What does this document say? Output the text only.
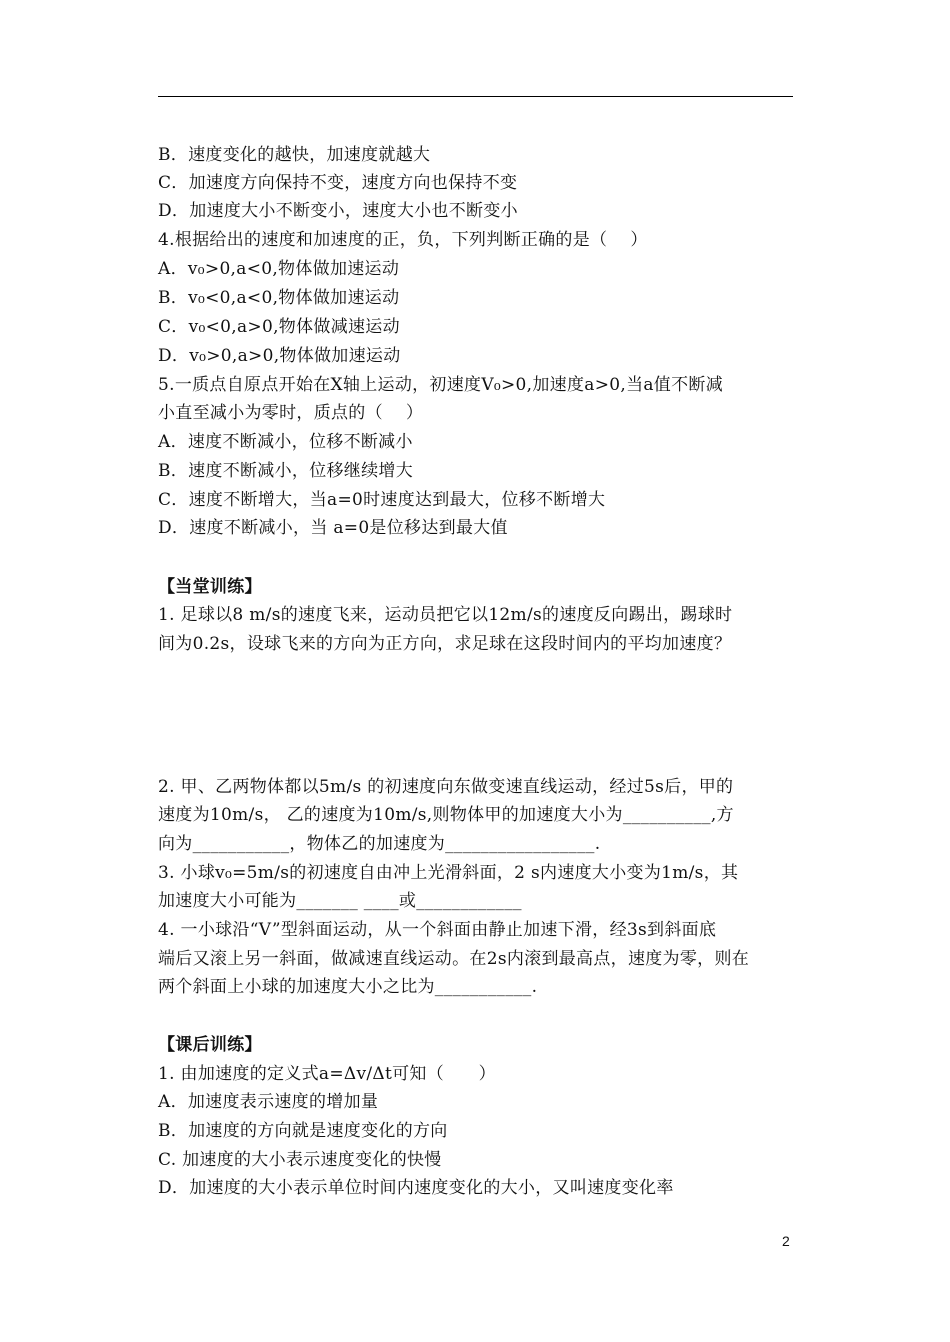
B．速度变化的越快，加速度就越大
C．加速度方向保持不变，速度方向也保持不变
D．加速度大小不断变小，速度大小也不断变小
4.根据给出的速度和加速度的正，负，下列判断正确的是（　 ）
A．v₀>0,a<0,物体做加速运动
B．v₀<0,a<0,物体做加速运动
C．v₀<0,a>0,物体做减速运动
D．v₀>0,a>0,物体做加速运动
5.一质点自原点开始在X轴上运动，初速度V₀>0,加速度a>0,当a值不断减
小直至减小为零时，质点的（　 ）
A．速度不断减小，位移不断减小
B．速度不断减小，位移继续增大
C．速度不断增大，当a=0时速度达到最大，位移不断增大
D．速度不断减小，当 a=0是位移达到最大值
【当堂训练】
1. 足球以8 m/s的速度飞来，运动员把它以12m/s的速度反向踢出，踢球时
间为0.2s，设球飞来的方向为正方向，求足球在这段时间内的平均加速度？
2. 甲、乙两物体都以5m/s 的初速度向东做变速直线运动，经过5s后，甲的
速度为10m/s， 乙的速度为10m/s,则物体甲的加速度大小为__________,方
向为___________，物体乙的加速度为_________________.
3. 小球v₀=5m/s的初速度自由冲上光滑斜面，2 s内速度大小变为1m/s，其
加速度大小可能为_______ ____或____________
4. 一小球沿“V”型斜面运动，从一个斜面由静止加速下滑，经3s到斜面底
端后又滚上另一斜面，做减速直线运动。在2s内滚到最高点，速度为零，则在
两个斜面上小球的加速度大小之比为___________.
【课后训练】
1. 由加速度的定义式a=Δv/Δt可知（　　）
A．加速度表示速度的增加量
B．加速度的方向就是速度变化的方向
C. 加速度的大小表示速度变化的快慢
D．加速度的大小表示单位时间内速度变化的大小，又叫速度变化率
2
